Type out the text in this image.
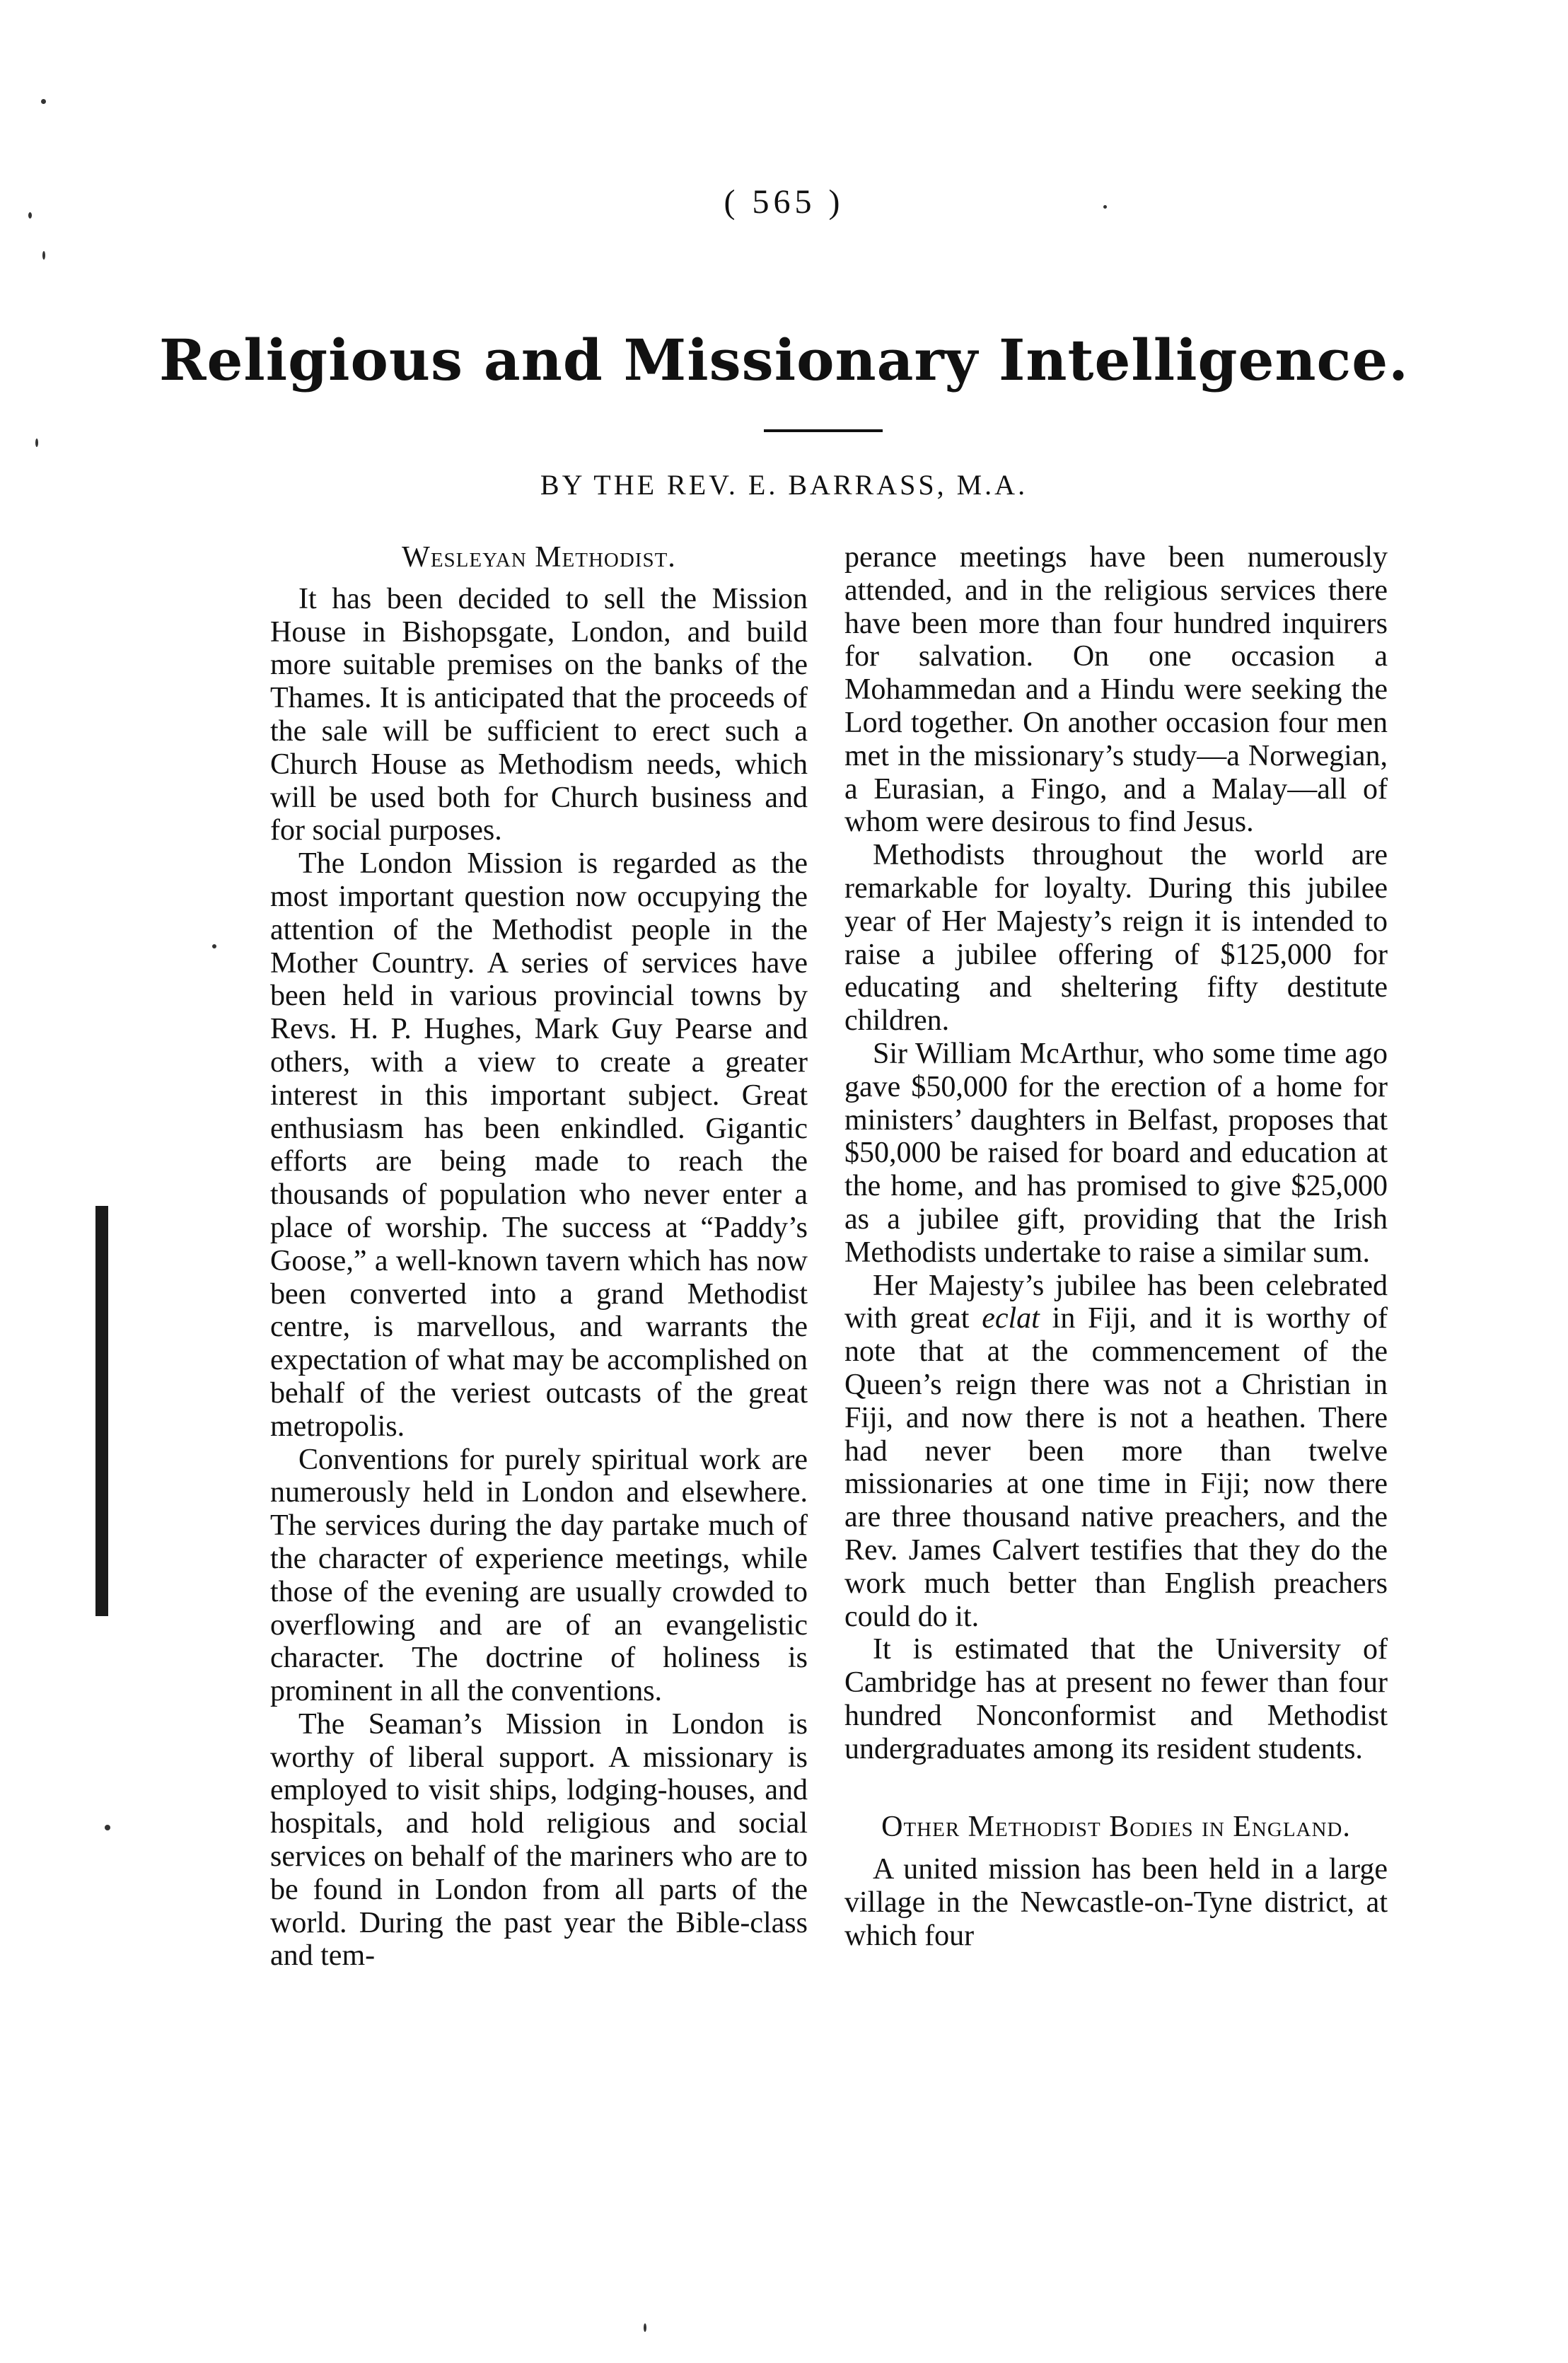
( 565 )
Religious and Missionary Intelligence.
BY THE REV. E. BARRASS, M.A.
Wesleyan Methodist.

It has been decided to sell the Mission House in Bishopsgate, London, and build more suitable premises on the banks of the Thames. It is anticipated that the proceeds of the sale will be sufficient to erect such a Church House as Methodism needs, which will be used both for Church business and for social purposes.

The London Mission is regarded as the most important question now occupying the attention of the Methodist people in the Mother Country. A series of services have been held in various provincial towns by Revs. H. P. Hughes, Mark Guy Pearse and others, with a view to create a greater interest in this important subject. Great enthusiasm has been enkindled. Gigantic efforts are being made to reach the thousands of population who never enter a place of worship. The success at “Paddy’s Goose,” a well-known tavern which has now been converted into a grand Methodist centre, is marvellous, and warrants the expectation of what may be accomplished on behalf of the veriest outcasts of the great metropolis.

Conventions for purely spiritual work are numerously held in London and elsewhere. The services during the day partake much of the character of experience meetings, while those of the evening are usually crowded to overflowing and are of an evangelistic character. The doctrine of holiness is prominent in all the conventions.

The Seaman’s Mission in London is worthy of liberal support. A missionary is employed to visit ships, lodging-houses, and hospitals, and hold religious and social services on behalf of the mariners who are to be found in London from all parts of the world. During the past year the Bible-class and tem-

perance meetings have been numerously attended, and in the religious services there have been more than four hundred inquirers for salvation. On one occasion a Mohammedan and a Hindu were seeking the Lord together. On another occasion four men met in the missionary’s study—a Norwegian, a Eurasian, a Fingo, and a Malay—all of whom were desirous to find Jesus.

Methodists throughout the world are remarkable for loyalty. During this jubilee year of Her Majesty’s reign it is intended to raise a jubilee offering of $125,000 for educating and sheltering fifty destitute children.

Sir William McArthur, who some time ago gave $50,000 for the erection of a home for ministers’ daughters in Belfast, proposes that $50,000 be raised for board and education at the home, and has promised to give $25,000 as a jubilee gift, providing that the Irish Methodists undertake to raise a similar sum.

Her Majesty’s jubilee has been celebrated with great eclat in Fiji, and it is worthy of note that at the commencement of the Queen’s reign there was not a Christian in Fiji, and now there is not a heathen. There had never been more than twelve missionaries at one time in Fiji; now there are three thousand native preachers, and the Rev. James Calvert testifies that they do the work much better than English preachers could do it.

It is estimated that the University of Cambridge has at present no fewer than four hundred Nonconformist and Methodist undergraduates among its resident students.

Other Methodist Bodies in England.

A united mission has been held in a large village in the Newcastle-on-Tyne district, at which four
